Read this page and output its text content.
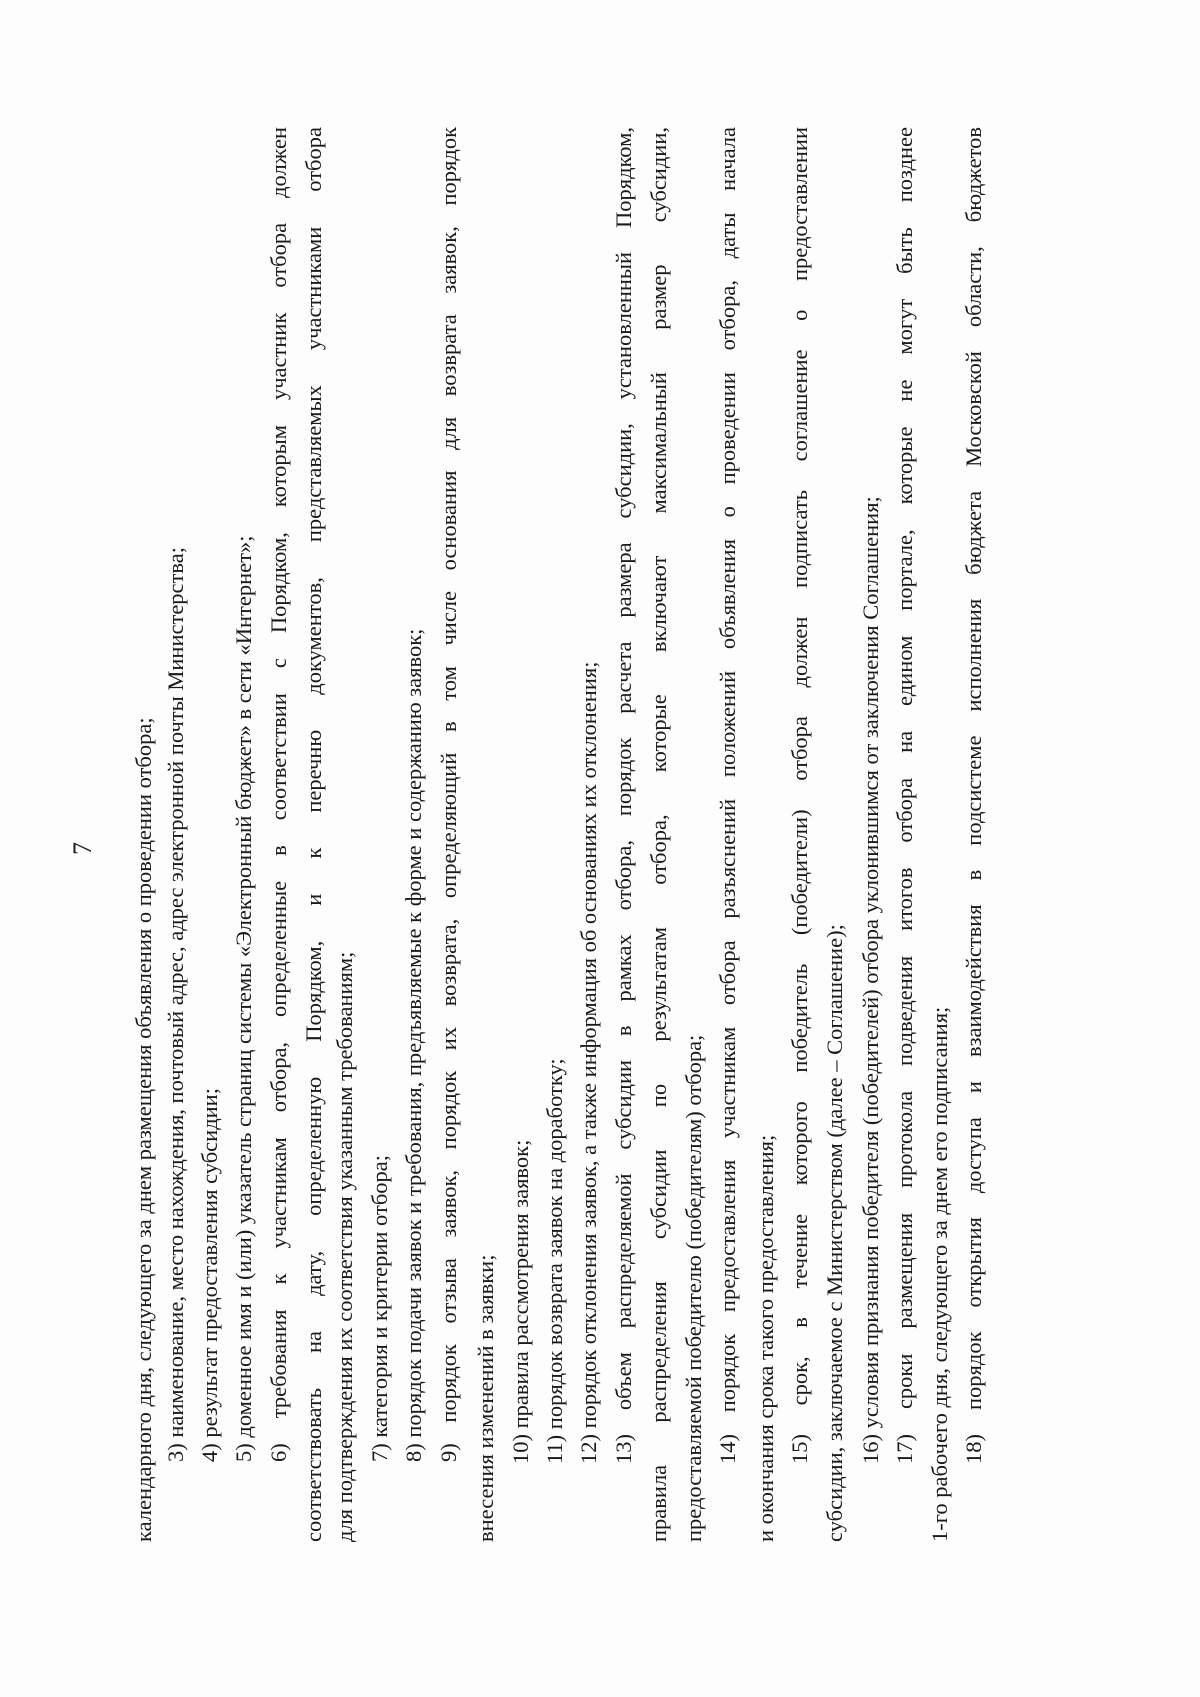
7 календарного дня, следующего за днем размещения объявления о проведении отбора; 3) наименование, место нахождения, почтовый адрес, адрес электронной почты Министерства; 4) результат предоставления субсидии; 5) доменное имя и (или) указатель страниц системы «Электронный бюджет» в сети «Интернет»; 6) требования к участникам отбора, определенные в соответствии с Порядком, которым участник отбора должен соответствовать на дату, определенную Порядком, и к перечню документов, представляемых участниками отбора для подтверждения их соответствия указанным требованиям; 7) категория и критерии отбора; 8) порядок подачи заявок и требования, предъявляемые к форме и содержанию заявок; 9) порядок отзыва заявок, порядок их возврата, определяющий в том числе основания для возврата заявок, порядок внесения изменений в заявки; 10) правила рассмотрения заявок; 11) порядок возврата заявок на доработку; 12) порядок отклонения заявок, а также информация об основаниях их отклонения; 13) объем распределяемой субсидии в рамках отбора, порядок расчета размера субсидии, установленный Порядком, правила распределения субсидии по результатам отбора, которые включают максимальный размер субсидии, предоставляемой победителю (победителям) отбора; 14) порядок предоставления участникам отбора разъяснений положений объявления о проведении отбора, даты начала и окончания срока такого предоставления; 15) срок, в течение которого победитель (победители) отбора должен подписать соглашение о предоставлении субсидии, заключаемое с Министерством (далее – Соглашение); 16) условия признания победителя (победителей) отбора уклонившимся от заключения Соглашения; 17) сроки размещения протокола подведения итогов отбора на едином портале, которые не могут быть позднее 1-го рабочего дня, следующего за днем его подписания; 18) порядок открытия доступа и взаимодействия в подсистеме исполнения бюджета Московской области, бюджетов
